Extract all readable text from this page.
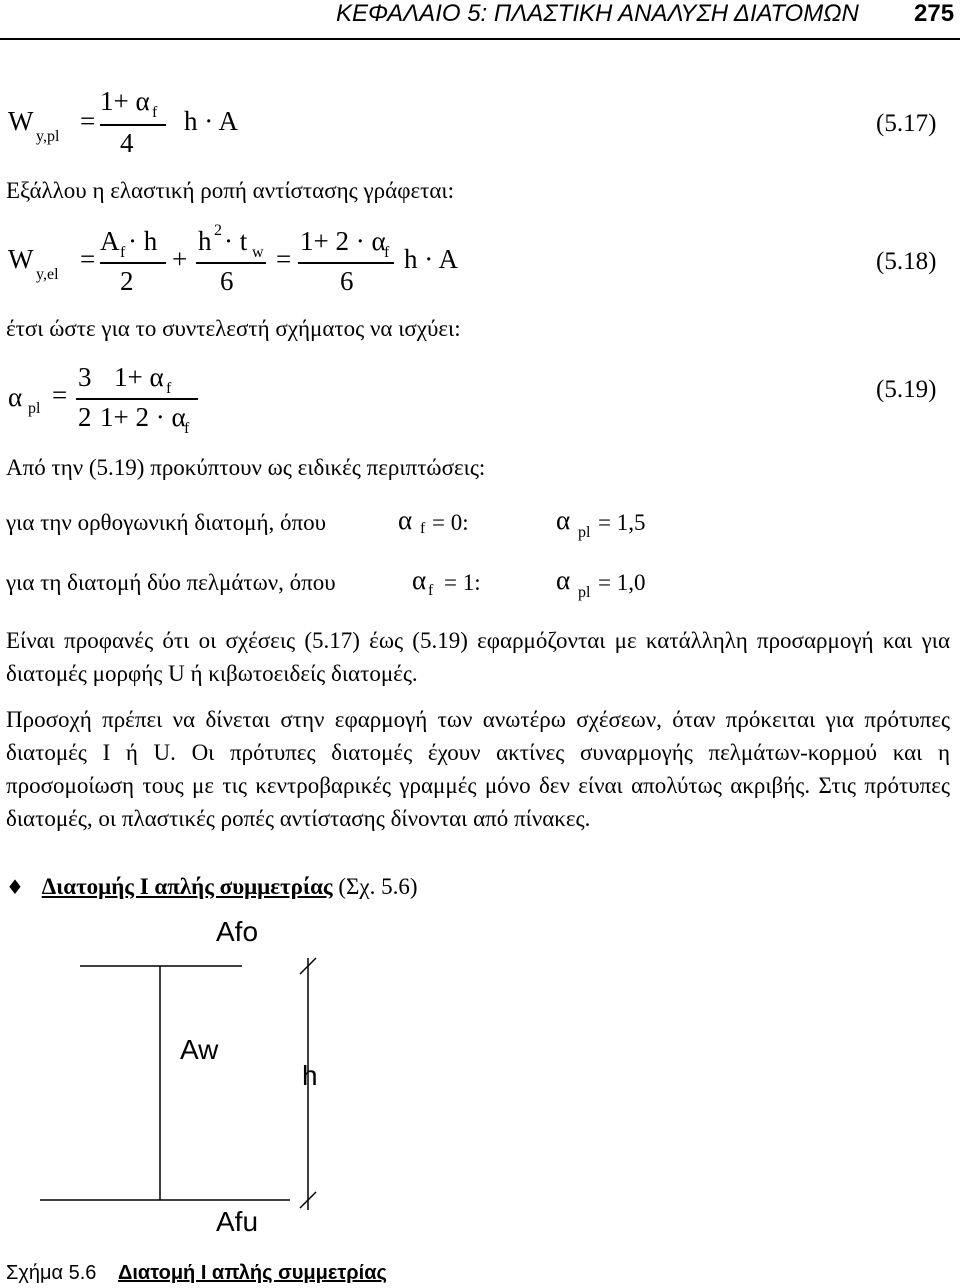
ΚΕΦΑΛΑΙΟ 5: ΠΛΑΣΤΙΚΗ ΑΝΑΛΥΣΗ ΔΙΑΤΟΜΩΝ 275
W
y,pl
=
1+ α f
4
h · A	(5.17)
Εξάλλου η ελαστική ροπή αντίστασης γράφεται:
W
y,el
=
A f · h
2
+
h 2 · t w
6
=
1+ 2 · α
f
6
h · A	(5.18)
έτσι ώστε για το συντελεστή σχήματος να ισχύει:
α pl =
3
2
1+ α f
1+ 2 · α
f
(5.19)
Από την (5.19) προκύπτουν ως ειδικές περιπτώσεις:
για την ορθογωνική διατομή, όπου	α f = 0:	α pl = 1,5
για τη διατομή δύο πελμάτων, όπου	α f = 1:	α pl = 1,0
Είναι προφανές ότι οι σχέσεις (5.17) έως (5.19) εφαρμόζονται με κατάλληλη προσαρμογή και για διατομές μορφής U ή κιβωτοειδείς διατομές.
Προσοχή πρέπει να δίνεται στην εφαρμογή των ανωτέρω σχέσεων, όταν πρόκειται για πρότυπες διατομές I ή U. Οι πρότυπες διατομές έχουν ακτίνες συναρμογής πελμάτων-κορμού και η προσομοίωση τους με τις κεντροβαρικές γραμμές μόνο δεν είναι απολύτως ακριβής. Στις πρότυπες διατομές, οι πλαστικές ροπές αντίστασης δίνονται από πίνακες.
♦ Διατομής I απλής συμμετρίας (Σχ. 5.6)
Afo
Aw
h
Afu
Σχήμα 5.6 Διατομή I απλής συμμετρίας
